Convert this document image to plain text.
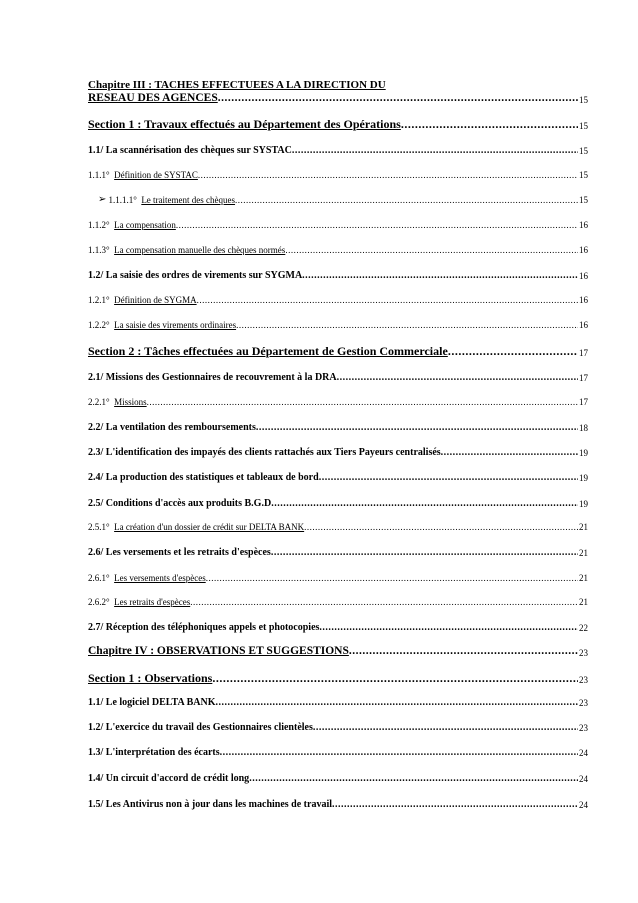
Chapitre III : TACHES EFFECTUEES A LA DIRECTION DU
RESEAU DES AGENCES .....	15
Section 1 : Travaux effectués au Département des Opérations .....	15
1.1/ La scannérisation des chèques sur SYSTAC .....	15
1.1.1° Définition de SYSTAC .....	15
➢ 1.1.1.1° Le traitement des chèques .....	15
1.1.2° La compensation .....	16
1.1.3° La compensation manuelle des chèques normés .....	16
1.2/ La saisie des ordres de virements sur SYGMA .....	16
1.2.1° Définition de SYGMA .....	16
1.2.2° La saisie des virements ordinaires .....	16
Section 2 : Tâches effectuées au Département de Gestion Commerciale .....	17
2.1/ Missions des Gestionnaires de recouvrement à la DRA .....	17
2.2.1° Missions .....	17
2.2/ La ventilation des remboursements .....	18
2.3/ L'identification des impayés des clients rattachés aux Tiers Payeurs centralisés .....	19
2.4/ La production des statistiques et tableaux de bord .....	19
2.5/ Conditions d'accès aux produits B.G.D .....	19
2.5.1° La création d'un dossier de crédit sur DELTA BANK .....	21
2.6/ Les versements et les retraits d'espèces .....	21
2.6.1° Les versements d'espèces .....	21
2.6.2° Les retraits d'espèces .....	21
2.7/ Réception des téléphoniques appels et photocopies .....	22
Chapitre IV : OBSERVATIONS ET SUGGESTIONS .....	23
Section 1 : Observations .....	23
1.1/ Le logiciel DELTA BANK .....	23
1.2/ L'exercice du travail des Gestionnaires clientèles .....	23
1.3/ L'interprétation des écarts .....	24
1.4/ Un circuit d'accord de crédit long .....	24
1.5/ Les Antivirus non à jour dans les machines de travail .....	24
